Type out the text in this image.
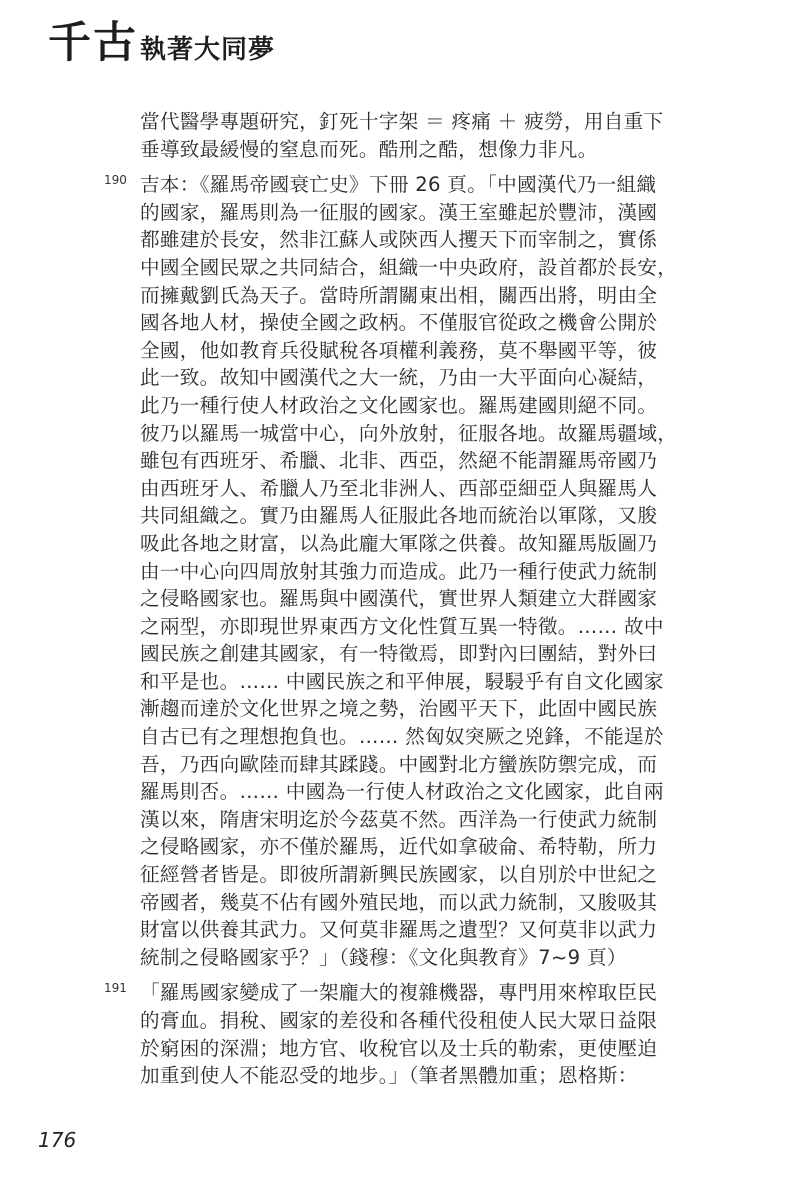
千古 執著大同夢
當代醫學專題研究，釘死十字架 ＝ 疼痛 ＋ 疲勞，用自重下
垂導致最緩慢的窒息而死。酷刑之酷，想像力非凡。
190 吉本：《羅馬帝國衰亡史》下冊 26 頁。「中國漢代乃一組織
的國家，羅馬則為一征服的國家。漢王室雖起於豐沛，漢國
都雖建於長安，然非江蘇人或陝西人攫天下而宰制之，實係
中國全國民眾之共同結合，組織一中央政府，設首都於長安，
而擁戴劉氏為天子。當時所謂關東出相，關西出將，明由全
國各地人材，操使全國之政柄。不僅服官從政之機會公開於
全國，他如教育兵役賦稅各項權利義務，莫不舉國平等，彼
此一致。故知中國漢代之大一統，乃由一大平面向心凝結，
此乃一種行使人材政治之文化國家也。羅馬建國則絕不同。
彼乃以羅馬一城當中心，向外放射，征服各地。故羅馬疆域，
雖包有西班牙、希臘、北非、西亞，然絕不能謂羅馬帝國乃
由西班牙人、希臘人乃至北非洲人、西部亞細亞人與羅馬人
共同組織之。實乃由羅馬人征服此各地而統治以軍隊，又朘
吸此各地之財富，以為此龐大軍隊之供養。故知羅馬版圖乃
由一中心向四周放射其強力而造成。此乃一種行使武力統制
之侵略國家也。羅馬與中國漢代，實世界人類建立大群國家
之兩型，亦即現世界東西方文化性質互異一特徵。…… 故中
國民族之創建其國家，有一特徵焉，即對內曰團結，對外曰
和平是也。…… 中國民族之和平伸展，駸駸乎有自文化國家
漸趨而達於文化世界之境之勢，治國平天下，此固中國民族
自古已有之理想抱負也。…… 然匈奴突厥之兇鋒，不能逞於
吾，乃西向歐陸而肆其蹂踐。中國對北方蠻族防禦完成，而
羅馬則否。…… 中國為一行使人材政治之文化國家，此自兩
漢以來，隋唐宋明迄於今茲莫不然。西洋為一行使武力統制
之侵略國家，亦不僅於羅馬，近代如拿破侖、希特勒，所力
征經營者皆是。即彼所謂新興民族國家，以自別於中世紀之
帝國者，幾莫不佔有國外殖民地，而以武力統制，又朘吸其
財富以供養其武力。又何莫非羅馬之遺型？又何莫非以武力
統制之侵略國家乎？」（錢穆：《文化與教育》7~9 頁）
191 「羅馬國家變成了一架龐大的複雜機器，專門用來榨取臣民
的膏血。捐稅、國家的差役和各種代役租使人民大眾日益限
於窮困的深淵；地方官、收稅官以及士兵的勒索，更使壓迫
加重到使人不能忍受的地步。」（筆者黑體加重；恩格斯：
176
